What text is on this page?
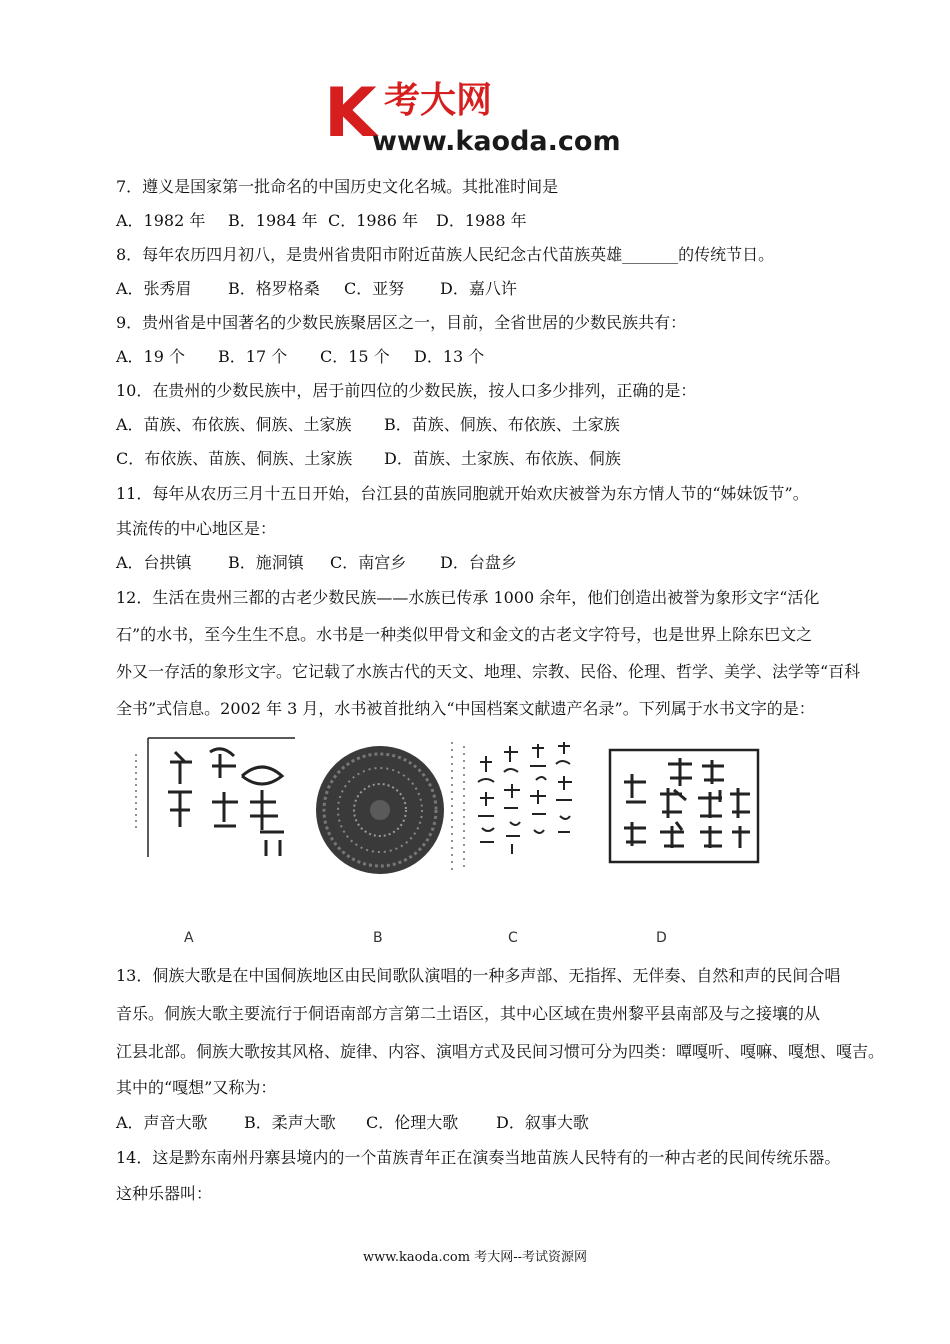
K 考大网
www.kaoda.com
7．遵义是国家第一批命名的中国历史文化名城。其批准时间是
A．1982 年 B．1984 年 C．1986 年 D．1988 年
8．每年农历四月初八，是贵州省贵阳市附近苗族人民纪念古代苗族英雄_______的传统节日。
A．张秀眉 B．格罗格桑 C．亚努 D．嘉八许
9．贵州省是中国著名的少数民族聚居区之一，目前，全省世居的少数民族共有：
A．19 个 B．17 个 C．15 个 D．13 个
10．在贵州的少数民族中，居于前四位的少数民族，按人口多少排列，正确的是：
A．苗族、布依族、侗族、土家族 B．苗族、侗族、布依族、土家族
C．布依族、苗族、侗族、土家族 D．苗族、土家族、布依族、侗族
11．每年从农历三月十五日开始，台江县的苗族同胞就开始欢庆被誉为东方情人节的“姊妹饭节”。
其流传的中心地区是：
A．台拱镇 B．施洞镇 C．南宫乡 D．台盘乡
12．生活在贵州三都的古老少数民族——水族已传承 1000 余年，他们创造出被誉为象形文字“活化
石”的水书，至今生生不息。水书是一种类似甲骨文和金文的古老文字符号，也是世界上除东巴文之
外又一存活的象形文字。它记载了水族古代的天文、地理、宗教、民俗、伦理、哲学、美学、法学等“百科
全书”式信息。2002 年 3 月，水书被首批纳入“中国档案文献遗产名录”。下列属于水书文字的是：
A	B	C	D
13．侗族大歌是在中国侗族地区由民间歌队演唱的一种多声部、无指挥、无伴奏、自然和声的民间合唱
音乐。侗族大歌主要流行于侗语南部方言第二土语区，其中心区域在贵州黎平县南部及与之接壤的从
江县北部。侗族大歌按其风格、旋律、内容、演唱方式及民间习惯可分为四类：嘾嘎听、嘎嘛、嘎想、嘎吉。
其中的“嘎想”又称为：
A．声音大歌 B．柔声大歌 C．伦理大歌 D．叙事大歌
14．这是黔东南州丹寨县境内的一个苗族青年正在演奏当地苗族人民特有的一种古老的民间传统乐器。
这种乐器叫：
www.kaoda.com 考大网--考试资源网
